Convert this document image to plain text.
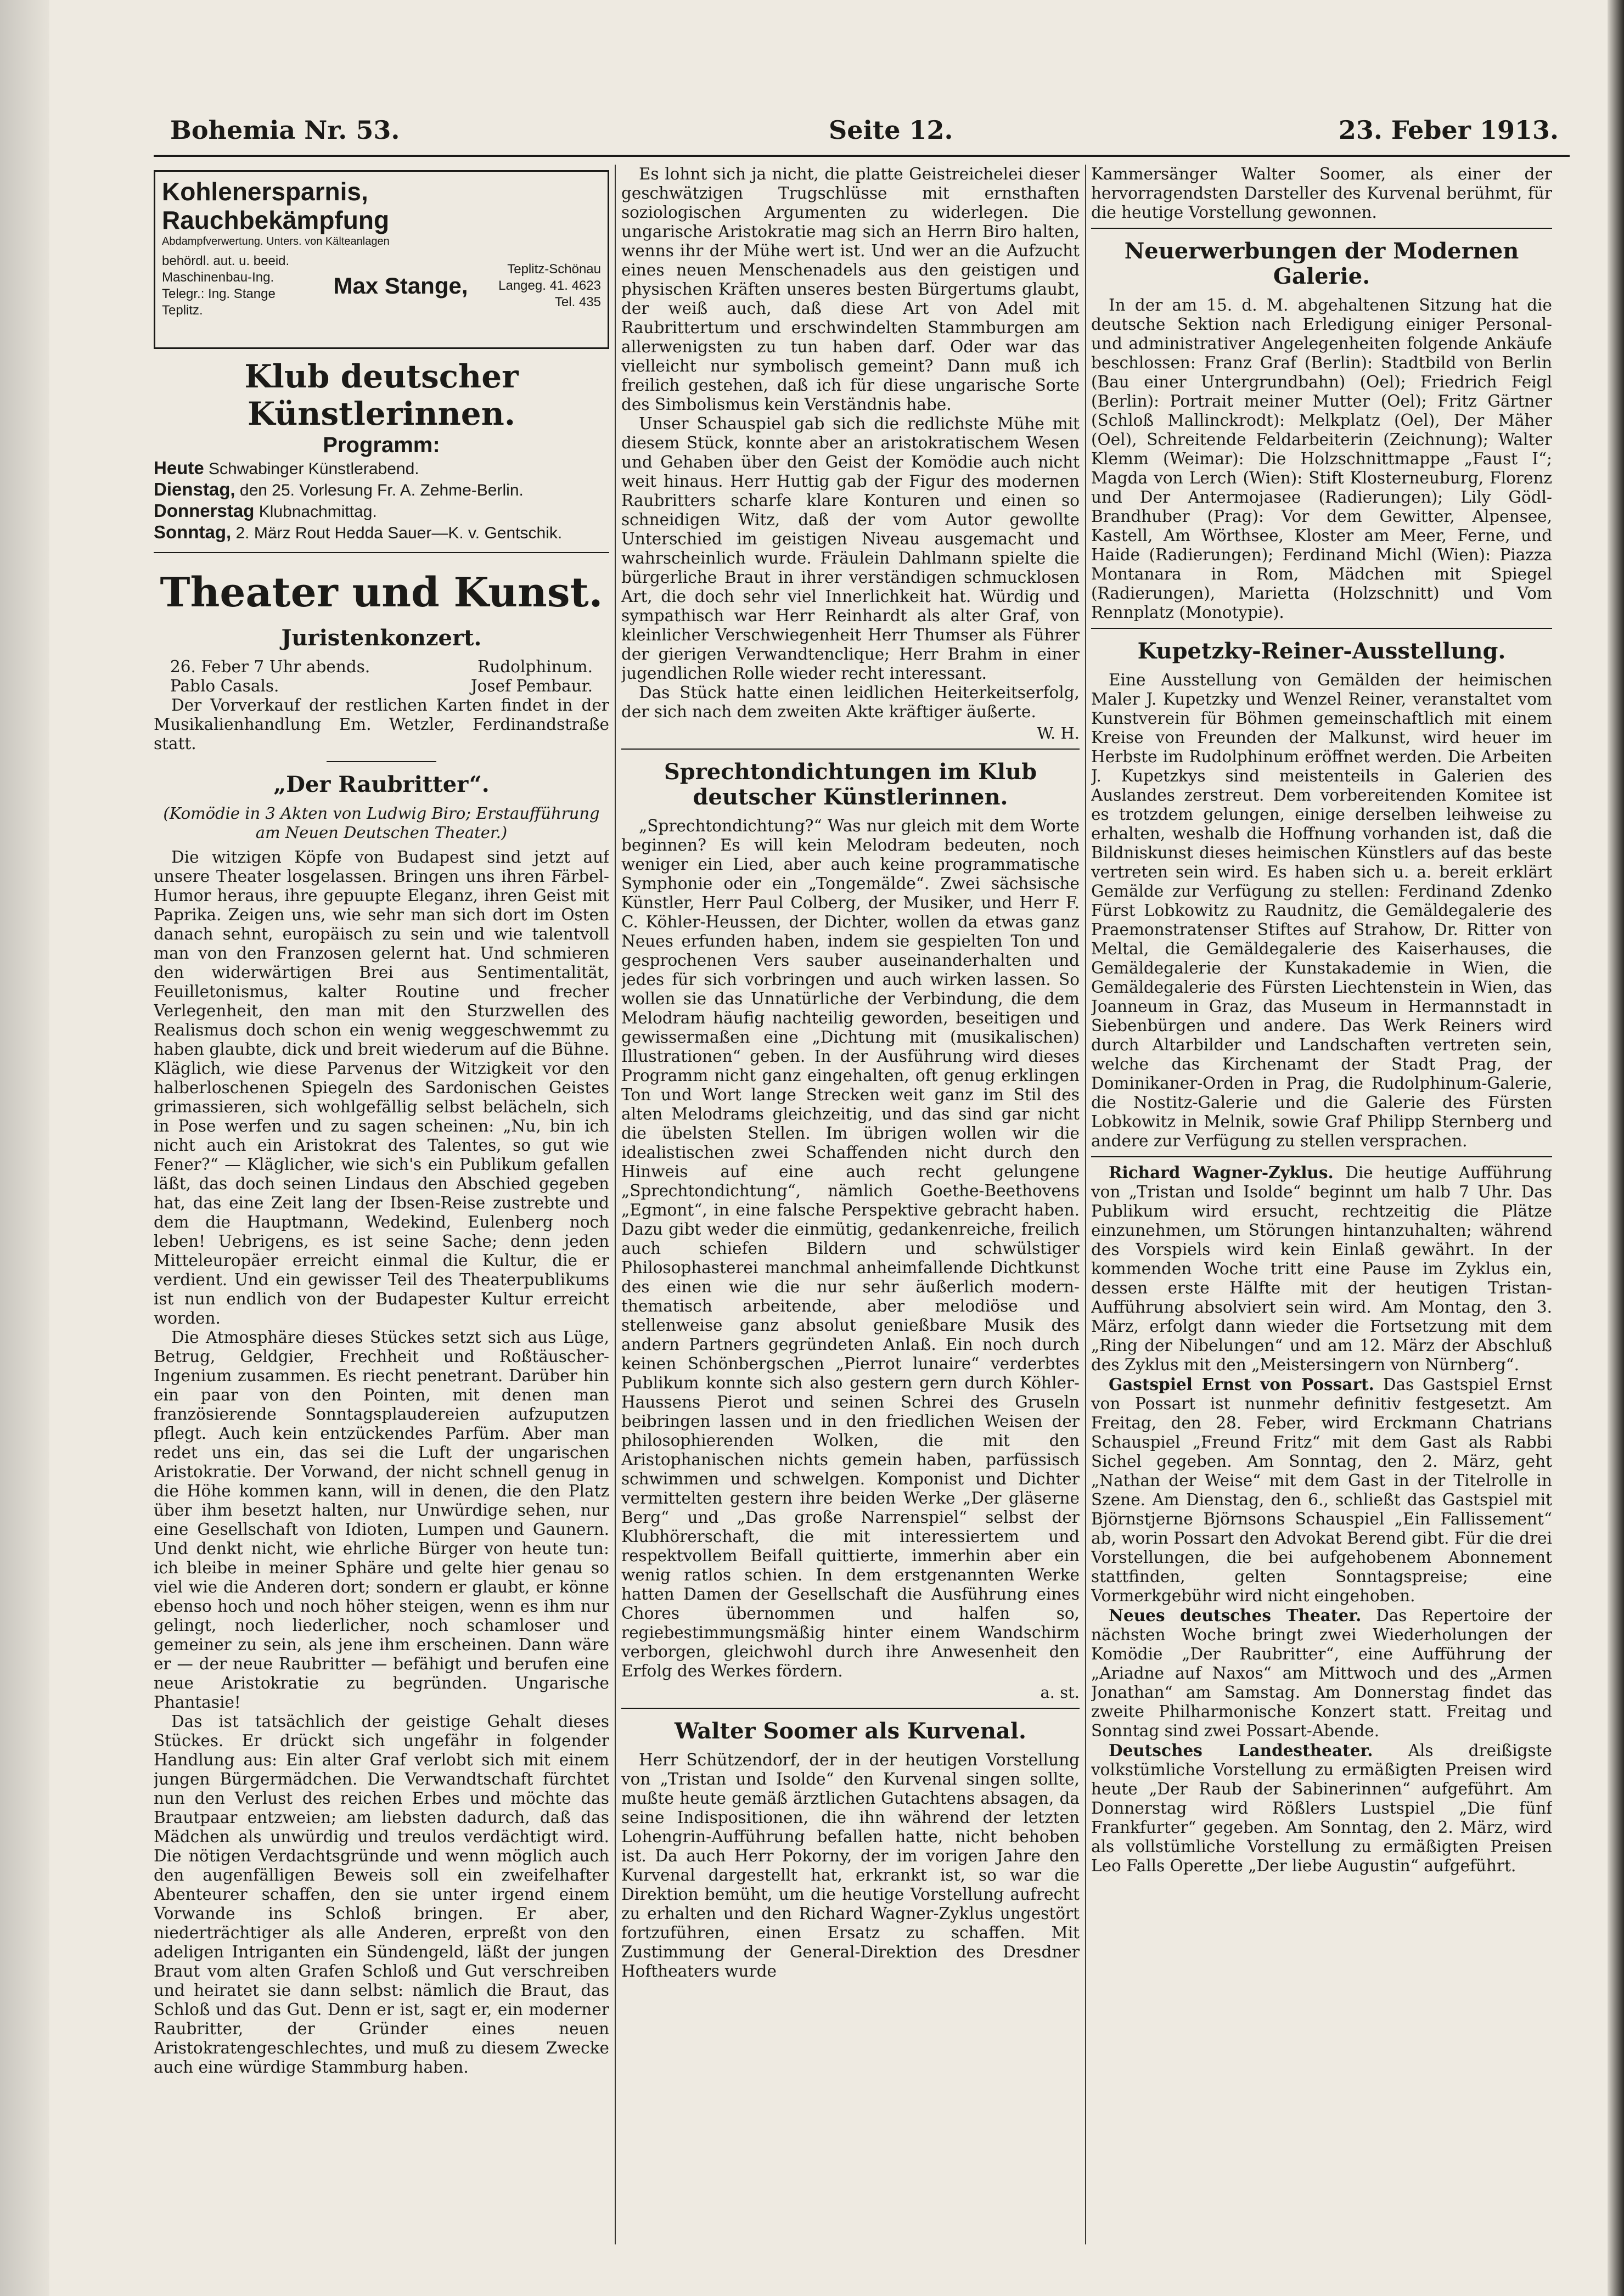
Bohemia Nr. 53.	Seite 12.	23. Feber 1913.
Kohlenersparnis, Rauchbekämpfung
Abdampfverwertung. Unters. von Kälteanlagen
behördl. aut. u. beeid. Maschinenbau-Ing. Telegr.: Ing. Stange Teplitz.
Max Stange,
Teplitz-Schönau Langeg. 41. 4623 Tel. 435
Klub deutscher Künstlerinnen.
Programm:
Heute Schwabinger Künstlerabend.
Dienstag, den 25. Vorlesung Fr. A. Zehme-Berlin.
Donnerstag Klubnachmittag.
Sonntag, 2. März Rout Hedda Sauer—K. v. Gentschik.
Theater und Kunst.
Juristenkonzert.
26. Feber 7 Uhr abends.	Rudolphinum.
Pablo Casals.	Josef Pembaur.

Der Vorverkauf der restlichen Karten findet in der Musikalienhandlung Em. Wetzler, Ferdinandstraße statt.

„Der Raubritter“.
(Komödie in 3 Akten von Ludwig Biro; Erstaufführung am Neuen Deutschen Theater.)

Die witzigen Köpfe von Budapest sind jetzt auf unsere Theater losgelassen. Bringen uns ihren Färbel-Humor heraus, ihre gepuupte Eleganz, ihren Geist mit Paprika. Zeigen uns, wie sehr man sich dort im Osten danach sehnt, europäisch zu sein und wie talentvoll man von den Franzosen gelernt hat. Und schmieren den widerwärtigen Brei aus Sentimentalität, Feuilletonismus, kalter Routine und frecher Verlegenheit, den man mit den Sturzwellen des Realismus doch schon ein wenig weggeschwemmt zu haben glaubte, dick und breit wiederum auf die Bühne. Kläglich, wie diese Parvenus der Witzigkeit vor den halberloschenen Spiegeln des Sardonischen Geistes grimassieren, sich wohlgefällig selbst belächeln, sich in Pose werfen und zu sagen scheinen: „Nu, bin ich nicht auch ein Aristokrat des Talentes, so gut wie Fener?“ — Kläglicher, wie sich's ein Publikum gefallen läßt, das doch seinen Lindaus den Abschied gegeben hat, das eine Zeit lang der Ibsen-Reise zustrebte und dem die Hauptmann, Wedekind, Eulenberg noch leben! Uebrigens, es ist seine Sache; denn jeden Mitteleuropäer erreicht einmal die Kultur, die er verdient. Und ein gewisser Teil des Theaterpublikums ist nun endlich von der Budapester Kultur erreicht worden.

Die Atmosphäre dieses Stückes setzt sich aus Lüge, Betrug, Geldgier, Frechheit und Roßtäuscher-Ingenium zusammen. Es riecht penetrant. Darüber hin ein paar von den Pointen, mit denen man französierende Sonntagsplaudereien aufzuputzen pflegt. Auch kein entzückendes Parfüm. Aber man redet uns ein, das sei die Luft der ungarischen Aristokratie. Der Vorwand, der nicht schnell genug in die Höhe kommen kann, will in denen, die den Platz über ihm besetzt halten, nur Unwürdige sehen, nur eine Gesellschaft von Idioten, Lumpen und Gaunern. Und denkt nicht, wie ehrliche Bürger von heute tun: ich bleibe in meiner Sphäre und gelte hier genau so viel wie die Anderen dort; sondern er glaubt, er könne ebenso hoch und noch höher steigen, wenn es ihm nur gelingt, noch liederlicher, noch schamloser und gemeiner zu sein, als jene ihm erscheinen. Dann wäre er — der neue Raubritter — befähigt und berufen eine neue Aristokratie zu begründen. Ungarische Phantasie!

Das ist tatsächlich der geistige Gehalt dieses Stückes. Er drückt sich ungefähr in folgender Handlung aus: Ein alter Graf verlobt sich mit einem jungen Bürgermädchen. Die Verwandtschaft fürchtet nun den Verlust des reichen Erbes und möchte das Brautpaar entzweien; am liebsten dadurch, daß das Mädchen als unwürdig und treulos verdächtigt wird. Die nötigen Verdachtsgründe und wenn möglich auch den augenfälligen Beweis soll ein zweifelhafter Abenteurer schaffen, den sie unter irgend einem Vorwande ins Schloß bringen. Er aber, niederträchtiger als alle Anderen, erpreßt von den adeligen Intriganten ein Sündengeld, läßt der jungen Braut vom alten Grafen Schloß und Gut verschreiben und heiratet sie dann selbst: nämlich die Braut, das Schloß und das Gut. Denn er ist, sagt er, ein moderner Raubritter, der Gründer eines neuen Aristokratengeschlechtes, und muß zu diesem Zwecke auch eine würdige Stammburg haben.

Es lohnt sich ja nicht, die platte Geistreichelei dieser geschwätzigen Trugschlüsse mit ernsthaften soziologischen Argumenten zu widerlegen. Die ungarische Aristokratie mag sich an Herrn Biro halten, wenns ihr der Mühe wert ist. Und wer an die Aufzucht eines neuen Menschenadels aus den geistigen und physischen Kräften unseres besten Bürgertums glaubt, der weiß auch, daß diese Art von Adel mit Raubrittertum und erschwindelten Stammburgen am allerwenigsten zu tun haben darf. Oder war das vielleicht nur symbolisch gemeint? Dann muß ich freilich gestehen, daß ich für diese ungarische Sorte des Simbolismus kein Verständnis habe.

Unser Schauspiel gab sich die redlichste Mühe mit diesem Stück, konnte aber an aristokratischem Wesen und Gehaben über den Geist der Komödie auch nicht weit hinaus. Herr Huttig gab der Figur des modernen Raubritters scharfe klare Konturen und einen so schneidigen Witz, daß der vom Autor gewollte Unterschied im geistigen Niveau ausgemacht und wahrscheinlich wurde. Fräulein Dahlmann spielte die bürgerliche Braut in ihrer verständigen schmucklosen Art, die doch sehr viel Innerlichkeit hat. Würdig und sympathisch war Herr Reinhardt als alter Graf, von kleinlicher Verschwiegenheit Herr Thumser als Führer der gierigen Verwandtenclique; Herr Brahm in einer jugendlichen Rolle wieder recht interessant.

Das Stück hatte einen leidlichen Heiterkeitserfolg, der sich nach dem zweiten Akte kräftiger äußerte.

W. H.
Sprechtondichtungen im Klub deutscher Künstlerinnen.

„Sprechtondichtung?“ Was nur gleich mit dem Worte beginnen? Es will kein Melodram bedeuten, noch weniger ein Lied, aber auch keine programmatische Symphonie oder ein „Tongemälde“. Zwei sächsische Künstler, Herr Paul Colberg, der Musiker, und Herr F. C. Köhler-Heussen, der Dichter, wollen da etwas ganz Neues erfunden haben, indem sie gespielten Ton und gesprochenen Vers sauber auseinanderhalten und jedes für sich vorbringen und auch wirken lassen. So wollen sie das Unnatürliche der Verbindung, die dem Melodram häufig nachteilig geworden, beseitigen und gewissermaßen eine „Dichtung mit (musikalischen) Illustrationen“ geben. In der Ausführung wird dieses Programm nicht ganz eingehalten, oft genug erklingen Ton und Wort lange Strecken weit ganz im Stil des alten Melodrams gleichzeitig, und das sind gar nicht die übelsten Stellen. Im übrigen wollen wir die idealistischen zwei Schaffenden nicht durch den Hinweis auf eine auch recht gelungene „Sprechtondichtung“, nämlich Goethe-Beethovens „Egmont“, in eine falsche Perspektive gebracht haben. Dazu gibt weder die einmütig, gedankenreiche, freilich auch schiefen Bildern und schwülstiger Philosophasterei manchmal anheimfallende Dichtkunst des einen wie die nur sehr äußerlich modern-thematisch arbeitende, aber melodiöse und stellenweise ganz absolut genießbare Musik des andern Partners gegründeten Anlaß. Ein noch durch keinen Schönbergschen „Pierrot lunaire“ verderbtes Publikum konnte sich also gestern gern durch Köhler-Haussens Pierot und seinen Schrei des Gruseln beibringen lassen und in den friedlichen Weisen der philosophierenden Wolken, die mit den Aristophanischen nichts gemein haben, parfüssisch schwimmen und schwelgen. Komponist und Dichter vermittelten gestern ihre beiden Werke „Der gläserne Berg“ und „Das große Narrenspiel“ selbst der Klubhörerschaft, die mit interessiertem und respektvollem Beifall quittierte, immerhin aber ein wenig ratlos schien. In dem erstgenannten Werke hatten Damen der Gesellschaft die Ausführung eines Chores übernommen und halfen so, regiebestimmungsmäßig hinter einem Wandschirm verborgen, gleichwohl durch ihre Anwesenheit den Erfolg des Werkes fördern.

a. st.
Walter Soomer als Kurvenal.

Herr Schützendorf, der in der heutigen Vorstellung von „Tristan und Isolde“ den Kurvenal singen sollte, mußte heute gemäß ärztlichen Gutachtens absagen, da seine Indispositionen, die ihn während der letzten Lohengrin-Aufführung befallen hatte, nicht behoben ist. Da auch Herr Pokorny, der im vorigen Jahre den Kurvenal dargestellt hat, erkrankt ist, so war die Direktion bemüht, um die heutige Vorstellung aufrecht zu erhalten und den Richard Wagner-Zyklus ungestört fortzuführen, einen Ersatz zu schaffen. Mit Zustimmung der General-Direktion des Dresdner Hoftheaters wurde

Kammersänger Walter Soomer, als einer der hervorragendsten Darsteller des Kurvenal berühmt, für die heutige Vorstellung gewonnen.

Neuerwerbungen der Modernen Galerie.

In der am 15. d. M. abgehaltenen Sitzung hat die deutsche Sektion nach Erledigung einiger Personal- und administrativer Angelegenheiten folgende Ankäufe beschlossen: Franz Graf (Berlin): Stadtbild von Berlin (Bau einer Untergrundbahn) (Oel); Friedrich Feigl (Berlin): Portrait meiner Mutter (Oel); Fritz Gärtner (Schloß Mallinckrodt): Melkplatz (Oel), Der Mäher (Oel), Schreitende Feldarbeiterin (Zeichnung); Walter Klemm (Weimar): Die Holzschnittmappe „Faust I“; Magda von Lerch (Wien): Stift Klosterneuburg, Florenz und Der Antermojasee (Radierungen); Lily Gödl-Brandhuber (Prag): Vor dem Gewitter, Alpensee, Kastell, Am Wörthsee, Kloster am Meer, Ferne, und Haide (Radierungen); Ferdinand Michl (Wien): Piazza Montanara in Rom, Mädchen mit Spiegel (Radierungen), Marietta (Holzschnitt) und Vom Rennplatz (Monotypie).

Kupetzky-Reiner-Ausstellung.

Eine Ausstellung von Gemälden der heimischen Maler J. Kupetzky und Wenzel Reiner, veranstaltet vom Kunstverein für Böhmen gemeinschaftlich mit einem Kreise von Freunden der Malkunst, wird heuer im Herbste im Rudolphinum eröffnet werden. Die Arbeiten J. Kupetzkys sind meistenteils in Galerien des Auslandes zerstreut. Dem vorbereitenden Komitee ist es trotzdem gelungen, einige derselben leihweise zu erhalten, weshalb die Hoffnung vorhanden ist, daß die Bildniskunst dieses heimischen Künstlers auf das beste vertreten sein wird. Es haben sich u. a. bereit erklärt Gemälde zur Verfügung zu stellen: Ferdinand Zdenko Fürst Lobkowitz zu Raudnitz, die Gemäldegalerie des Praemonstratenser Stiftes auf Strahow, Dr. Ritter von Meltal, die Gemäldegalerie des Kaiserhauses, die Gemäldegalerie der Kunstakademie in Wien, die Gemäldegalerie des Fürsten Liechtenstein in Wien, das Joanneum in Graz, das Museum in Hermannstadt in Siebenbürgen und andere. Das Werk Reiners wird durch Altarbilder und Landschaften vertreten sein, welche das Kirchenamt der Stadt Prag, der Dominikaner-Orden in Prag, die Rudolphinum-Galerie, die Nostitz-Galerie und die Galerie des Fürsten Lobkowitz in Melnik, sowie Graf Philipp Sternberg und andere zur Verfügung zu stellen versprachen.

Richard Wagner-Zyklus. Die heutige Aufführung von „Tristan und Isolde“ beginnt um halb 7 Uhr. Das Publikum wird ersucht, rechtzeitig die Plätze einzunehmen, um Störungen hintanzuhalten; während des Vorspiels wird kein Einlaß gewährt. In der kommenden Woche tritt eine Pause im Zyklus ein, dessen erste Hälfte mit der heutigen Tristan-Aufführung absolviert sein wird. Am Montag, den 3. März, erfolgt dann wieder die Fortsetzung mit dem „Ring der Nibelungen“ und am 12. März der Abschluß des Zyklus mit den „Meistersingern von Nürnberg“.

Gastspiel Ernst von Possart. Das Gastspiel Ernst von Possart ist nunmehr definitiv festgesetzt. Am Freitag, den 28. Feber, wird Erckmann Chatrians Schauspiel „Freund Fritz“ mit dem Gast als Rabbi Sichel gegeben. Am Sonntag, den 2. März, geht „Nathan der Weise“ mit dem Gast in der Titelrolle in Szene. Am Dienstag, den 6., schließt das Gastspiel mit Björnstjerne Björnsons Schauspiel „Ein Fallissement“ ab, worin Possart den Advokat Berend gibt. Für die drei Vorstellungen, die bei aufgehobenem Abonnement stattfinden, gelten Sonntagspreise; eine Vormerkgebühr wird nicht eingehoben.

Neues deutsches Theater. Das Repertoire der nächsten Woche bringt zwei Wiederholungen der Komödie „Der Raubritter“, eine Aufführung der „Ariadne auf Naxos“ am Mittwoch und des „Armen Jonathan“ am Samstag. Am Donnerstag findet das zweite Philharmonische Konzert statt. Freitag und Sonntag sind zwei Possart-Abende.

Deutsches Landestheater. Als dreißigste volkstümliche Vorstellung zu ermäßigten Preisen wird heute „Der Raub der Sabinerinnen“ aufgeführt. Am Donnerstag wird Rößlers Lustspiel „Die fünf Frankfurter“ gegeben. Am Sonntag, den 2. März, wird als vollstümliche Vorstellung zu ermäßigten Preisen Leo Falls Operette „Der liebe Augustin“ aufgeführt.
